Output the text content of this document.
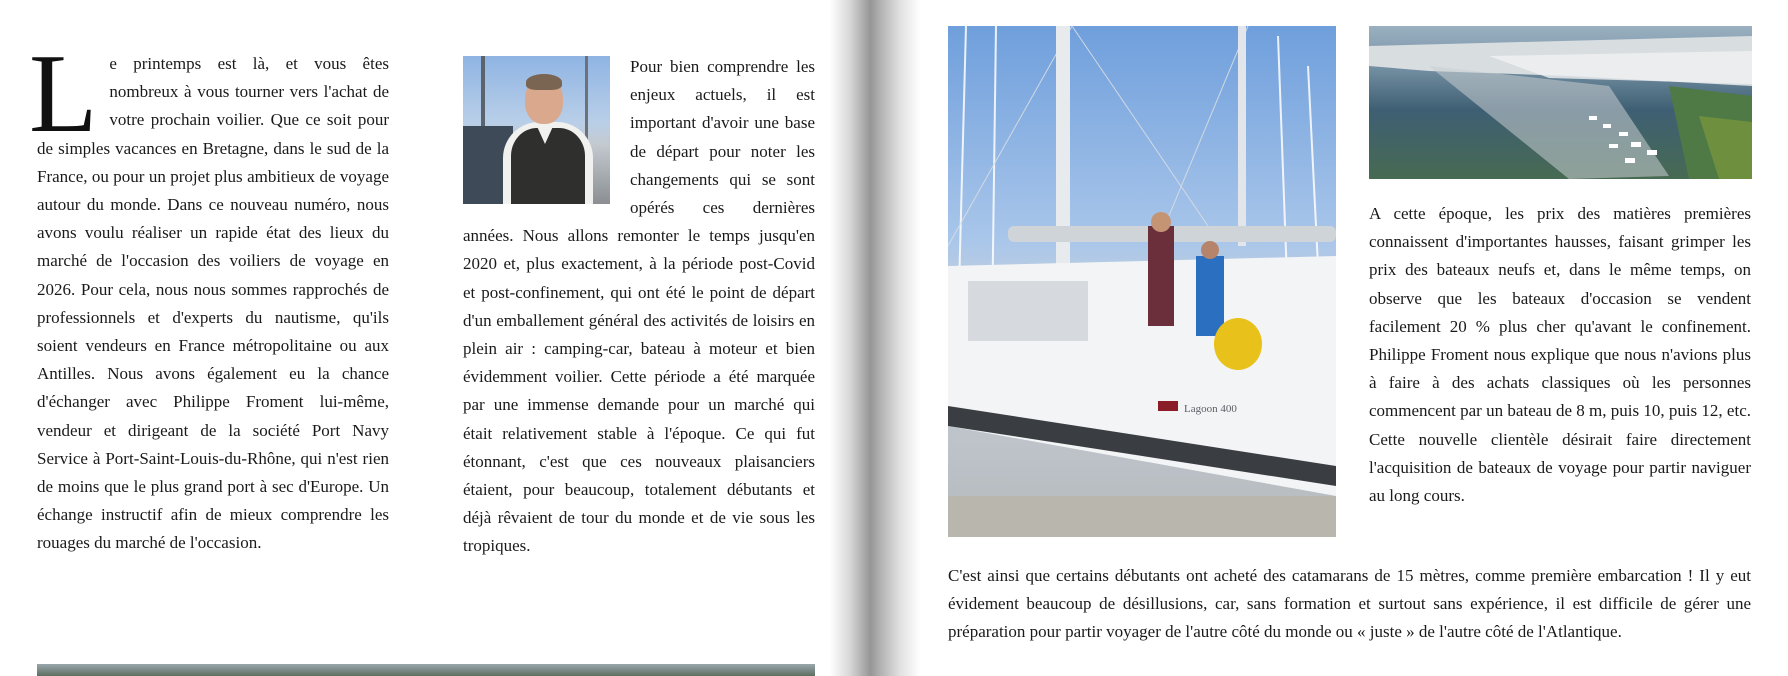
L e printemps est là, et vous êtes nombreux à vous tourner vers l'achat de votre prochain voilier. Que ce soit pour de simples vacances en Bretagne, dans le sud de la France, ou pour un projet plus ambitieux de voyage autour du monde. Dans ce nouveau numéro, nous avons voulu réaliser un rapide état des lieux du marché de l'occasion des voiliers de voyage en 2026. Pour cela, nous nous sommes rapprochés de professionnels et d'experts du nautisme, qu'ils soient vendeurs en France métropolitaine ou aux Antilles. Nous avons également eu la chance d'échanger avec Philippe Froment lui-même, vendeur et dirigeant de la société Port Navy Service à Port-Saint-Louis-du-Rhône, qui n'est rien de moins que le plus grand port à sec d'Europe. Un échange instructif afin de mieux comprendre les rouages du marché de l'occasion.

Pour bien comprendre les enjeux actuels, il est important d'avoir une base de départ pour noter les changements qui se sont opérés ces dernières années. Nous allons remonter le temps jusqu'en 2020 et, plus exactement, à la période post-Covid et post-confinement, qui ont été le point de départ d'un emballement général des activités de loisirs en plein air : camping-car, bateau à moteur et bien évidemment voilier. Cette période a été marquée par une immense demande pour un marché qui était relativement stable à l'époque. Ce qui fut étonnant, c'est que ces nouveaux plaisanciers étaient, pour beaucoup, totalement débutants et déjà rêvaient de tour du monde et de vie sous les tropiques.

Lagoon 400

A cette époque, les prix des matières premières connaissent d'importantes hausses, faisant grimper les prix des bateaux neufs et, dans le même temps, on observe que les bateaux d'occasion se vendent facilement 20 % plus cher qu'avant le confinement. Philippe Froment nous explique que nous n'avions plus à faire à des achats classiques où les personnes commencent par un bateau de 8 m, puis 10, puis 12, etc. Cette nouvelle clientèle désirait faire directement l'acquisition de bateaux de voyage pour partir naviguer au long cours.

C'est ainsi que certains débutants ont acheté des catamarans de 15 mètres, comme première embarcation ! Il y eut évidement beaucoup de désillusions, car, sans formation et surtout sans expérience, il est difficile de gérer une préparation pour partir voyager de l'autre côté du monde ou « juste » de l'autre côté de l'Atlantique.
